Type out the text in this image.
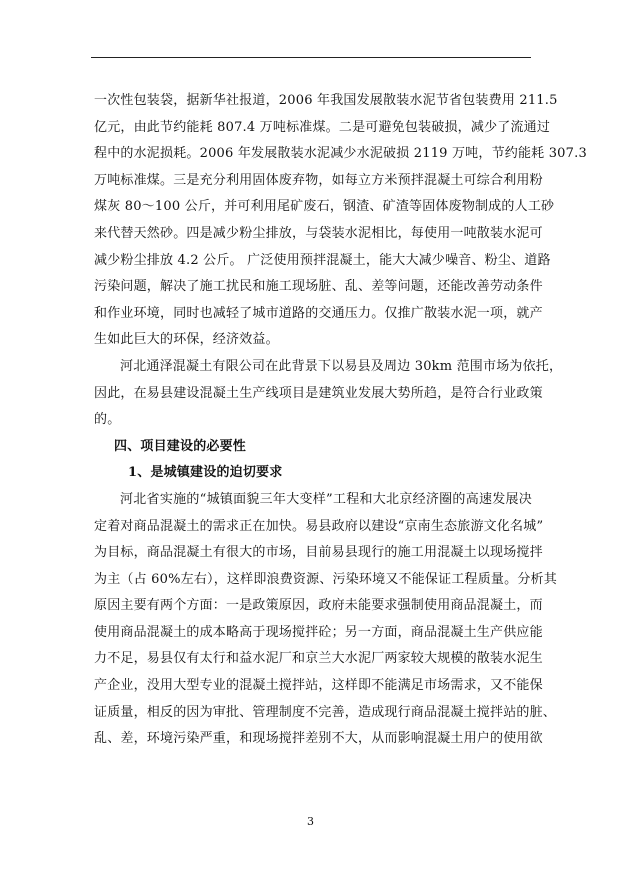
一次性包装袋，据新华社报道，2006 年我国发展散装水泥节省包装费用 211.5
亿元，由此节约能耗 807.4 万吨标准煤。二是可避免包装破损，减少了流通过
程中的水泥损耗。2006 年发展散装水泥减少水泥破损 2119 万吨，节约能耗 307.3
万吨标准煤。三是充分利用固体废弃物，如每立方米预拌混凝土可综合利用粉
煤灰 80～100 公斤，并可利用尾矿废石，钢渣、矿渣等固体废物制成的人工砂
来代替天然砂。四是减少粉尘排放，与袋装水泥相比，每使用一吨散装水泥可
减少粉尘排放 4.2 公斤。 广泛使用预拌混凝土，能大大减少噪音、粉尘、道路
污染问题，解决了施工扰民和施工现场脏、乱、差等问题，还能改善劳动条件
和作业环境，同时也减轻了城市道路的交通压力。仅推广散装水泥一项，就产
生如此巨大的环保，经济效益。
河北通泽混凝土有限公司在此背景下以易县及周边 30km 范围市场为依托，
因此，在易县建设混凝土生产线项目是建筑业发展大势所趋，是符合行业政策
的。
四、项目建设的必要性
1、是城镇建设的迫切要求
河北省实施的“城镇面貌三年大变样”工程和大北京经济圈的高速发展决
定着对商品混凝土的需求正在加快。易县政府以建设“京南生态旅游文化名城”
为目标，商品混凝土有很大的市场，目前易县现行的施工用混凝土以现场搅拌
为主（占 60%左右），这样即浪费资源、污染环境又不能保证工程质量。分析其
原因主要有两个方面：一是政策原因，政府未能要求强制使用商品混凝土，而
使用商品混凝土的成本略高于现场搅拌砼；另一方面，商品混凝土生产供应能
力不足，易县仅有太行和益水泥厂和京兰大水泥厂两家较大规模的散装水泥生
产企业，没用大型专业的混凝土搅拌站，这样即不能满足市场需求，又不能保
证质量，相反的因为审批、管理制度不完善，造成现行商品混凝土搅拌站的脏、
乱、差，环境污染严重，和现场搅拌差别不大，从而影响混凝土用户的使用欲
3
